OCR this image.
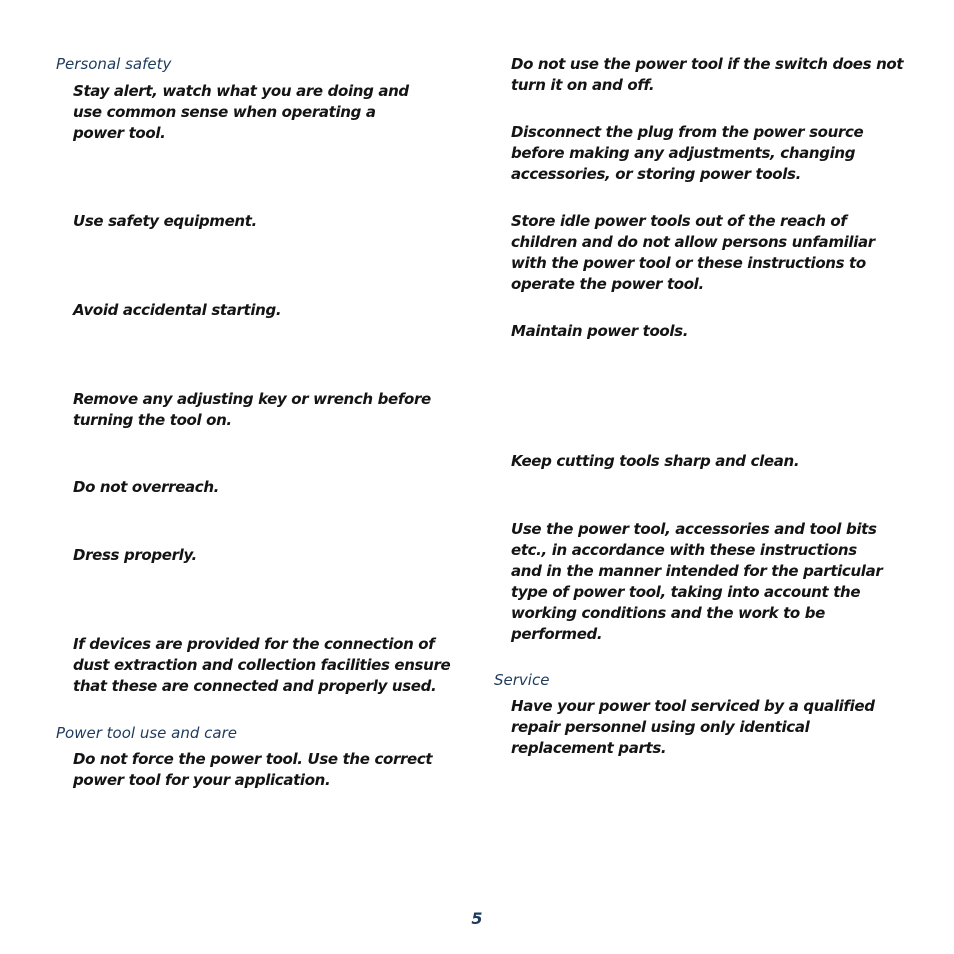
Personal safety

Stay alert, watch what you are doing and use common sense when operating a power tool.

Use safety equipment.

Avoid accidental starting.

Remove any adjusting key or wrench before turning the tool on.

Do not overreach.

Dress properly.

If devices are provided for the connection of dust extraction and collection facilities ensure that these are connected and properly used.

Power tool use and care

Do not force the power tool. Use the correct power tool for your application.

Do not use the power tool if the switch does not turn it on and off.

Disconnect the plug from the power source before making any adjustments, changing accessories, or storing power tools.

Store idle power tools out of the reach of children and do not allow persons unfamiliar with the power tool or these instructions to operate the power tool.

Maintain power tools.

Keep cutting tools sharp and clean.

Use the power tool, accessories and tool bits etc., in accordance with these instructions and in the manner intended for the particular type of power tool, taking into account the working conditions and the work to be performed.

Service

Have your power tool serviced by a qualified repair personnel using only identical replacement parts.

5
